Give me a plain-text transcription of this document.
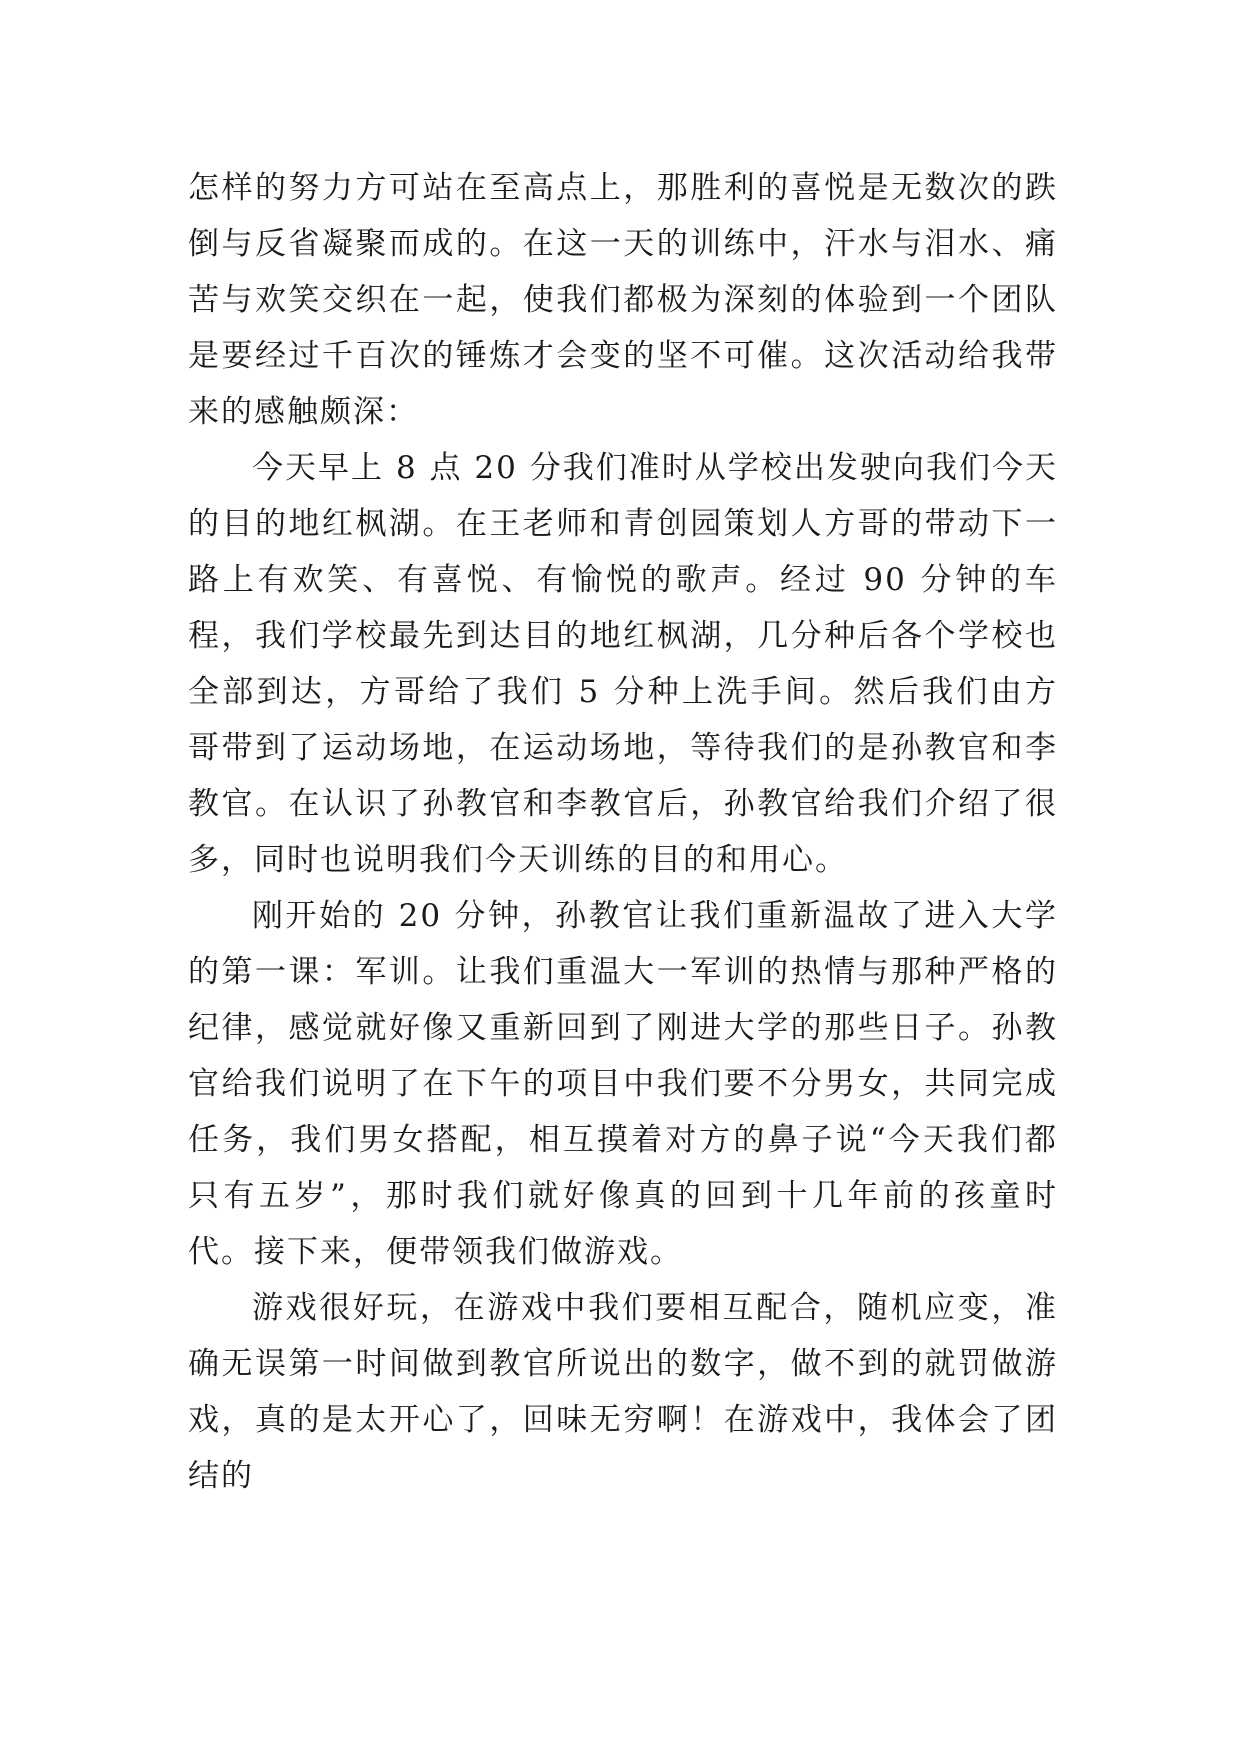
怎样的努力方可站在至高点上，那胜利的喜悦是无数次的跌倒与反省凝聚而成的。在这一天的训练中，汗水与泪水、痛苦与欢笑交织在一起，使我们都极为深刻的体验到一个团队是要经过千百次的锤炼才会变的坚不可催。这次活动给我带来的感触颇深：

今天早上 8 点 20 分我们准时从学校出发驶向我们今天的目的地红枫湖。在王老师和青创园策划人方哥的带动下一路上有欢笑、有喜悦、有愉悦的歌声。经过 90 分钟的车程，我们学校最先到达目的地红枫湖，几分种后各个学校也全部到达，方哥给了我们 5 分种上洗手间。然后我们由方哥带到了运动场地，在运动场地，等待我们的是孙教官和李教官。在认识了孙教官和李教官后，孙教官给我们介绍了很多，同时也说明我们今天训练的目的和用心。

刚开始的 20 分钟，孙教官让我们重新温故了进入大学的第一课：军训。让我们重温大一军训的热情与那种严格的纪律，感觉就好像又重新回到了刚进大学的那些日子。孙教官给我们说明了在下午的项目中我们要不分男女，共同完成任务，我们男女搭配，相互摸着对方的鼻子说“今天我们都只有五岁”，那时我们就好像真的回到十几年前的孩童时代。接下来，便带领我们做游戏。

游戏很好玩，在游戏中我们要相互配合，随机应变，准确无误第一时间做到教官所说出的数字，做不到的就罚做游戏，真的是太开心了，回味无穷啊！在游戏中，我体会了团结的
